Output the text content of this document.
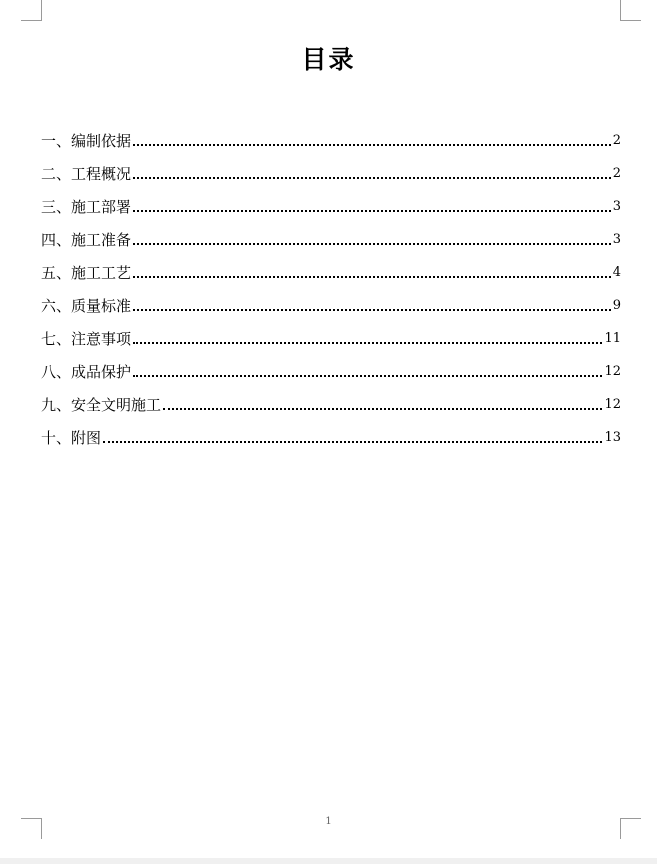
目录
一、编制依据	2
二、工程概况	2
三、施工部署	3
四、施工准备	3
五、施工工艺	4
六、质量标准	9
七、注意事项	11
八、成品保护	12
九、安全文明施工	12
十、附图	13
1
